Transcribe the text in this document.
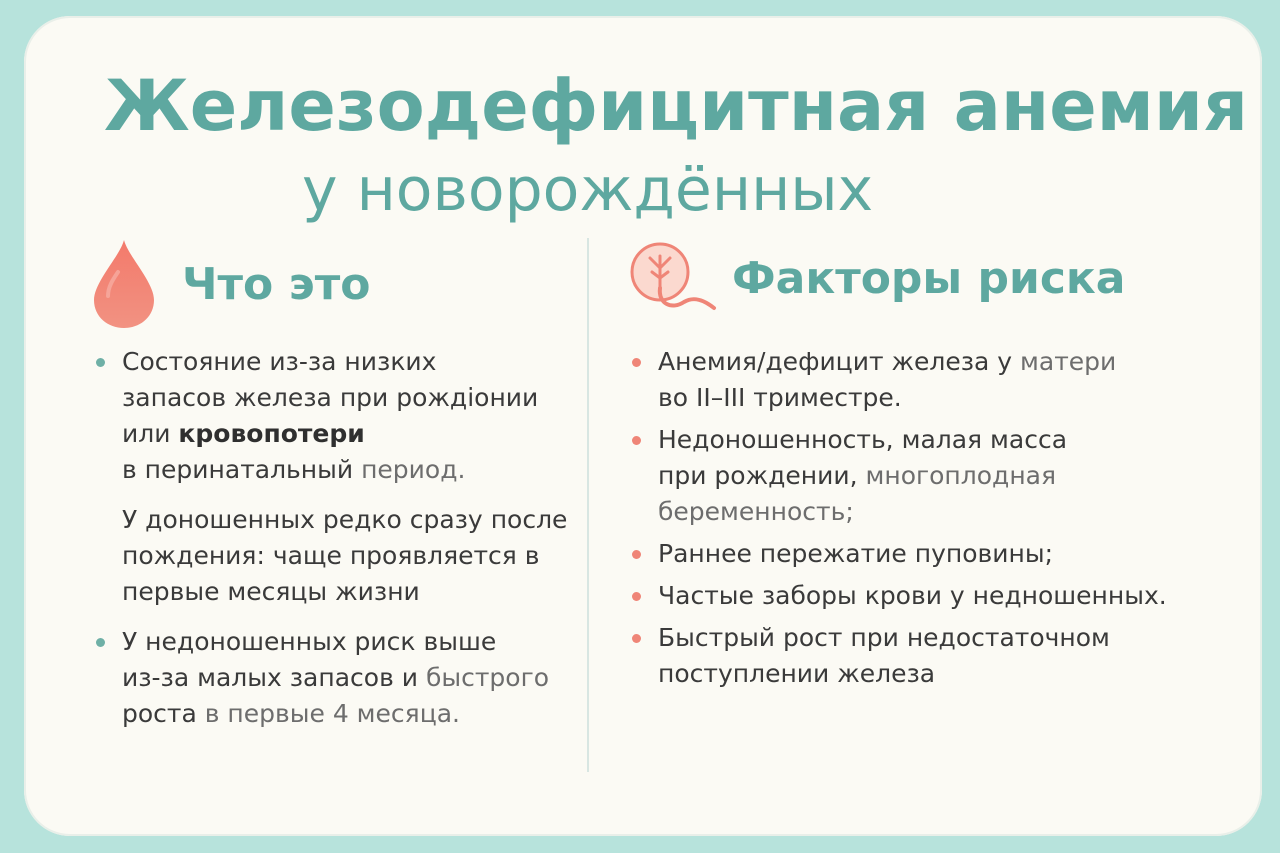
Железодефицитная анемия
у новорождённых
Что это	Факторы риска
Состояние из-за низких
запасов железа при рождіонии
или кровопотери
в перинатальный период.
У доношенных редко сразу после пождения: чаще проявляется в первые месяцы жизни
У недоношенных риск выше
из-за малых запасов и быстрого
роста в первые 4 месяца.
Анемия/дефицит железа у матери
во II–III триместре.
Недоношенность, малая масса
при рождении, многоплодная
беременность;
Раннее пережатие пуповины;
Частые заборы крови у недношенных.
Быстрый рост при недостаточном
поступлении железа
